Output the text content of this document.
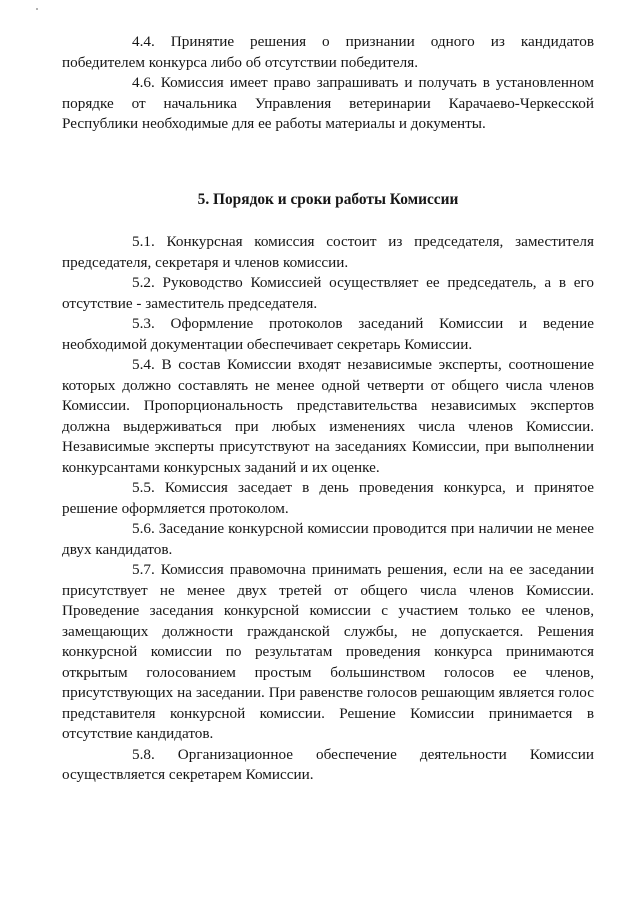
4.4. Принятие решения о признании одного из кандидатов победителем конкурса либо об отсутствии победителя.

4.6. Комиссия имеет право запрашивать и получать в установленном порядке от начальника Управления ветеринарии Карачаево-Черкесской Республики необходимые для ее работы материалы и документы.

5. Порядок и сроки работы Комиссии

5.1. Конкурсная комиссия состоит из председателя, заместителя председателя, секретаря и членов комиссии.

5.2. Руководство Комиссией осуществляет ее председатель, а в его отсутствие - заместитель председателя.

5.3. Оформление протоколов заседаний Комиссии и ведение необходимой документации обеспечивает секретарь Комиссии.

5.4. В состав Комиссии входят независимые эксперты, соотношение которых должно составлять не менее одной четверти от общего числа членов Комиссии. Пропорциональность представительства независимых экспертов должна выдерживаться при любых изменениях числа членов Комиссии. Независимые эксперты присутствуют на заседаниях Комиссии, при выполнении конкурсантами конкурсных заданий и их оценке.

5.5. Комиссия заседает в день проведения конкурса, и принятое решение оформляется протоколом.

5.6. Заседание конкурсной комиссии проводится при наличии не менее двух кандидатов.

5.7. Комиссия правомочна принимать решения, если на ее заседании присутствует не менее двух третей от общего числа членов Комиссии. Проведение заседания конкурсной комиссии с участием только ее членов, замещающих должности гражданской службы, не допускается. Решения конкурсной комиссии по результатам проведения конкурса принимаются открытым голосованием простым большинством голосов ее членов, присутствующих на заседании. При равенстве голосов решающим является голос представителя конкурсной комиссии. Решение Комиссии принимается в отсутствие кандидатов.

5.8. Организационное обеспечение деятельности Комиссии осуществляется секретарем Комиссии.
